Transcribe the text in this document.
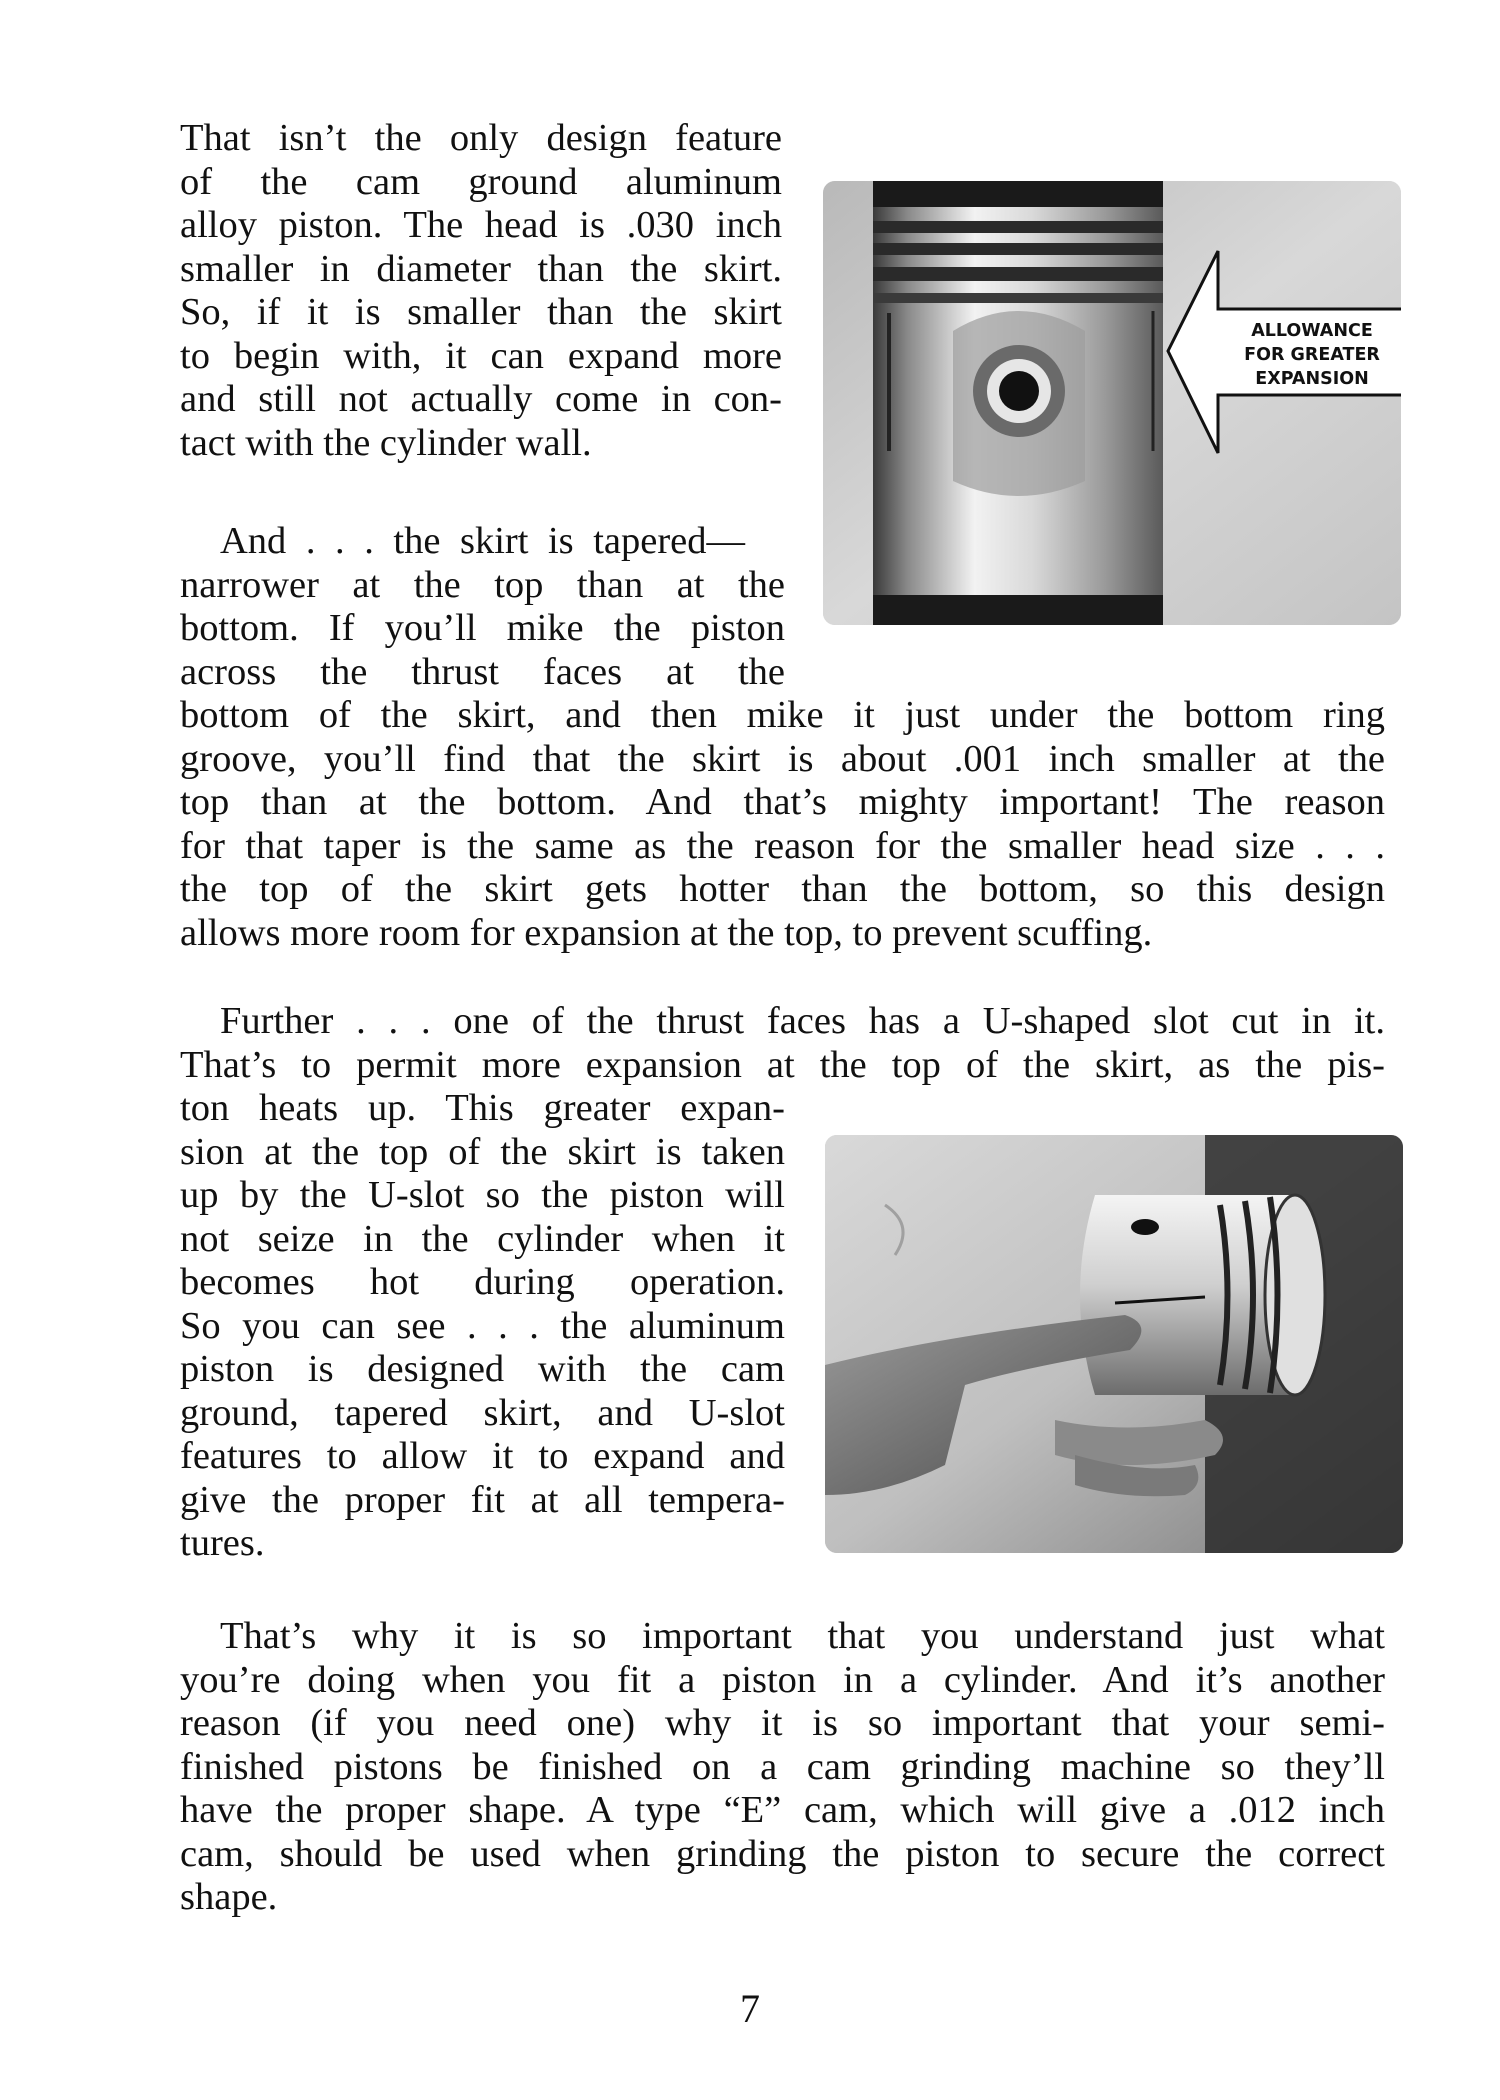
That isn’t the only design feature
of the cam ground aluminum
alloy piston. The head is .030 inch
smaller in diameter than the skirt.
So, if it is smaller than the skirt
to begin with, it can expand more
and still not actually come in con-
tact with the cylinder wall.
ALLOWANCE
FOR GREATER
EXPANSION
And . . . the skirt is tapered—
narrower at the top than at the
bottom. If you’ll mike the piston
across the thrust faces at the
bottom of the skirt, and then mike it just under the bottom ring
groove, you’ll find that the skirt is about .001 inch smaller at the
top than at the bottom. And that’s mighty important! The reason
for that taper is the same as the reason for the smaller head size . . .
the top of the skirt gets hotter than the bottom, so this design
allows more room for expansion at the top, to prevent scuffing.
Further . . . one of the thrust faces has a U-shaped slot cut in it.
That’s to permit more expansion at the top of the skirt, as the pis-
ton heats up. This greater expan-
sion at the top of the skirt is taken
up by the U-slot so the piston will
not seize in the cylinder when it
becomes hot during operation.
So you can see . . . the aluminum
piston is designed with the cam
ground, tapered skirt, and U-slot
features to allow it to expand and
give the proper fit at all tempera-
tures.
That’s why it is so important that you understand just what
you’re doing when you fit a piston in a cylinder. And it’s another
reason (if you need one) why it is so important that your semi-
finished pistons be finished on a cam grinding machine so they’ll
have the proper shape. A type “E” cam, which will give a .012 inch
cam, should be used when grinding the piston to secure the correct
shape.
7
